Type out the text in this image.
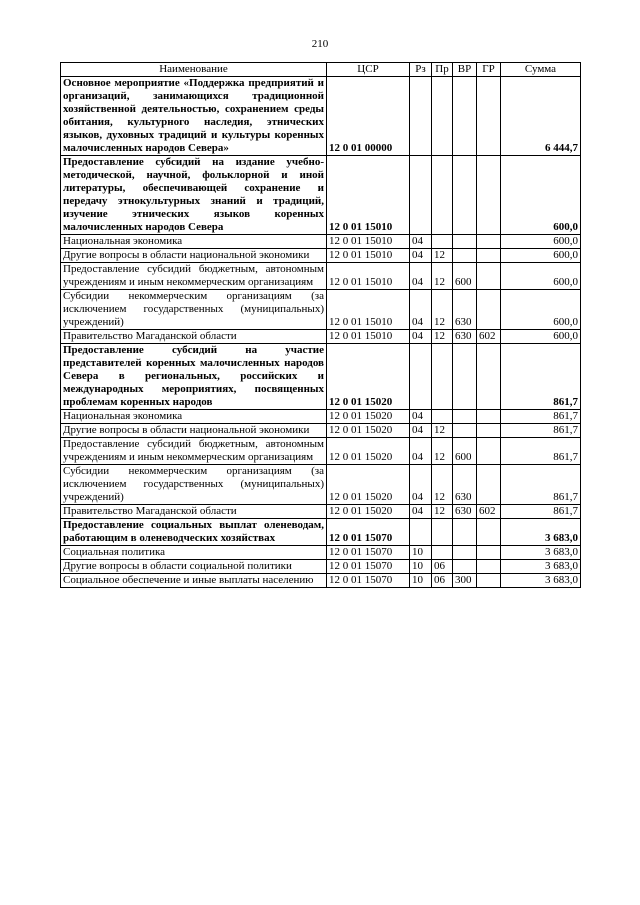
210
Наименование	ЦСР	Рз	Пр	ВР	ГР	Сумма
Основное мероприятие «Поддержка предприятий и организаций, занимающихся традиционной хозяйственной деятельностью, сохранением среды обитания, культурного наследия, этнических языков, духовных традиций и культуры коренных малочисленных народов Севера»	12 0 01 00000					6 444,7
Предоставление субсидий на издание учебно-методической, научной, фольклорной и иной литературы, обеспечивающей сохранение и передачу этнокультурных знаний и традиций, изучение этнических языков коренных малочисленных народов Севера	12 0 01 15010					600,0
Национальная экономика	12 0 01 15010	04				600,0
Другие вопросы в области национальной экономики	12 0 01 15010	04	12			600,0
Предоставление субсидий бюджетным, автономным учреждениям и иным некоммерческим организациям	12 0 01 15010	04	12	600		600,0
Субсидии некоммерческим организациям (за исключением государственных (муниципальных) учреждений)	12 0 01 15010	04	12	630		600,0
Правительство Магаданской области	12 0 01 15010	04	12	630	602	600,0
Предоставление субсидий на участие представителей коренных малочисленных народов Севера в региональных, российских и международных мероприятиях, посвященных проблемам коренных народов	12 0 01 15020					861,7
Национальная экономика	12 0 01 15020	04				861,7
Другие вопросы в области национальной экономики	12 0 01 15020	04	12			861,7
Предоставление субсидий бюджетным, автономным учреждениям и иным некоммерческим организациям	12 0 01 15020	04	12	600		861,7
Субсидии некоммерческим организациям (за исключением государственных (муниципальных) учреждений)	12 0 01 15020	04	12	630		861,7
Правительство Магаданской области	12 0 01 15020	04	12	630	602	861,7
Предоставление социальных выплат оленеводам, работающим в оленеводческих хозяйствах	12 0 01 15070					3 683,0
Социальная политика	12 0 01 15070	10				3 683,0
Другие вопросы в области социальной политики	12 0 01 15070	10	06			3 683,0
Социальное обеспечение и иные выплаты населению	12 0 01 15070	10	06	300		3 683,0
